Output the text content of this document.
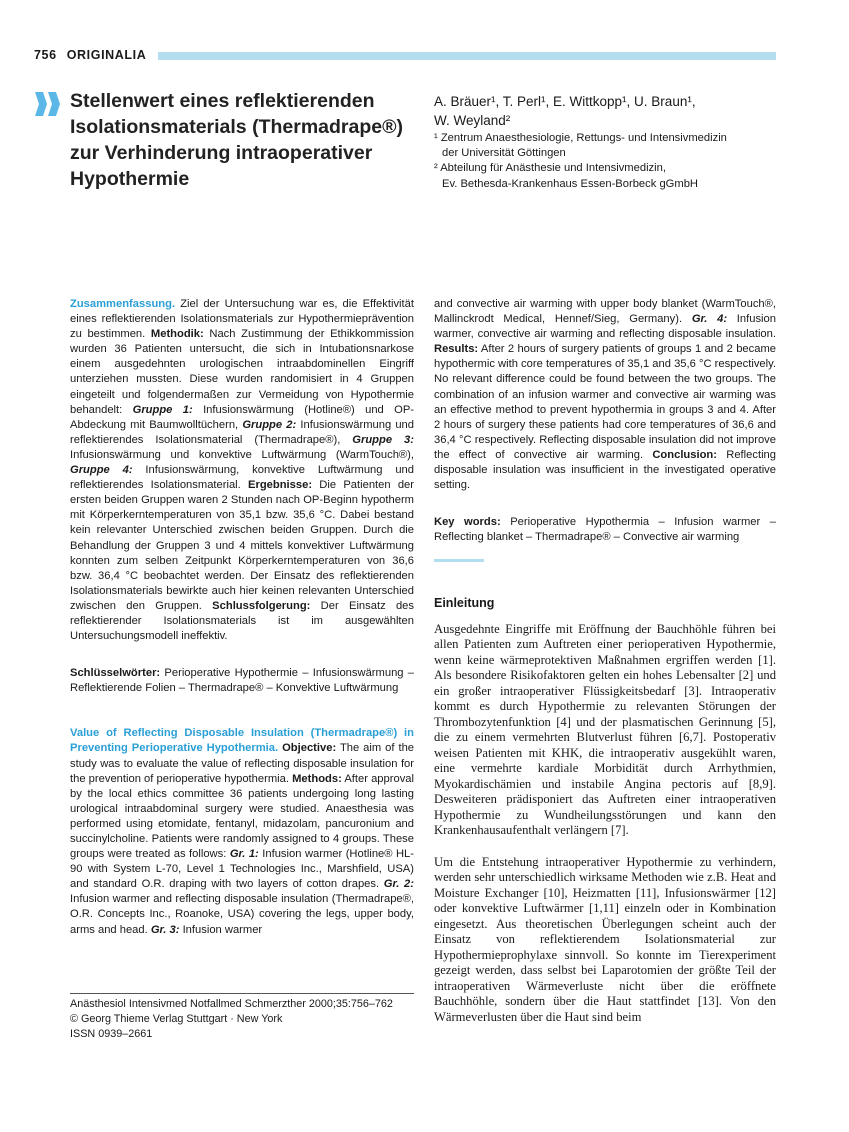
756 ORIGINALIA
Stellenwert eines reflektierenden Isolationsmaterials (Thermadrape®) zur Verhinderung intraoperativer Hypothermie
A. Bräuer¹, T. Perl¹, E. Wittkopp¹, U. Braun¹,
W. Weyland²
¹ Zentrum Anaesthesiologie, Rettungs- und Intensivmedizin
der Universität Göttingen
² Abteilung für Anästhesie und Intensivmedizin,
Ev. Bethesda-Krankenhaus Essen-Borbeck gGmbH

Zusammenfassung. Ziel der Untersuchung war es, die Effektivität eines reflektierenden Isolationsmaterials zur Hypothermieprävention zu bestimmen. Methodik: Nach Zustimmung der Ethikkommission wurden 36 Patienten untersucht, die sich in Intubationsnarkose einem ausgedehnten urologischen intraabdominellen Eingriff unterziehen mussten. Diese wurden randomisiert in 4 Gruppen eingeteilt und folgendermaßen zur Vermeidung von Hypothermie behandelt: Gruppe 1: Infusionswärmung (Hotline®) und OP-Abdeckung mit Baumwolltüchern, Gruppe 2: Infusionswärmung und reflektierendes Isolationsmaterial (Thermadrape®), Gruppe 3: Infusionswärmung und konvektive Luftwärmung (WarmTouch®), Gruppe 4: Infusionswärmung, konvektive Luftwärmung und reflektierendes Isolationsmaterial. Ergebnisse: Die Patienten der ersten beiden Gruppen waren 2 Stunden nach OP-Beginn hypotherm mit Körperkerntemperaturen von 35,1 bzw. 35,6 °C. Dabei bestand kein relevanter Unterschied zwischen beiden Gruppen. Durch die Behandlung der Gruppen 3 und 4 mittels konvektiver Luftwärmung konnten zum selben Zeitpunkt Körperkerntemperaturen von 36,6 bzw. 36,4 °C beobachtet werden. Der Einsatz des reflektierenden Isolationsmaterials bewirkte auch hier keinen relevanten Unterschied zwischen den Gruppen. Schlussfolgerung: Der Einsatz des reflektierender Isolationsmaterials ist im ausgewählten Untersuchungsmodell ineffektiv.

Schlüsselwörter: Perioperative Hypothermie – Infusionswärmung – Reflektierende Folien – Thermadrape® – Konvektive Luftwärmung

Value of Reflecting Disposable Insulation (Thermadrape®) in Preventing Perioperative Hypothermia. Objective: The aim of the study was to evaluate the value of reflecting disposable insulation for the prevention of perioperative hypothermia. Methods: After approval by the local ethics committee 36 patients undergoing long lasting urological intraabdominal surgery were studied. Anaesthesia was performed using etomidate, fentanyl, midazolam, pancuronium and succinylcholine. Patients were randomly assigned to 4 groups. These groups were treated as follows: Gr. 1: Infusion warmer (Hotline® HL-90 with System L-70, Level 1 Technologies Inc., Marshfield, USA) and standard O.R. draping with two layers of cotton drapes. Gr. 2: Infusion warmer and reflecting disposable insulation (Thermadrape®, O.R. Concepts Inc., Roanoke, USA) covering the legs, upper body, arms and head. Gr. 3: Infusion warmer

and convective air warming with upper body blanket (WarmTouch®, Mallinckrodt Medical, Hennef/Sieg, Germany). Gr. 4: Infusion warmer, convective air warming and reflecting disposable insulation. Results: After 2 hours of surgery patients of groups 1 and 2 became hypothermic with core temperatures of 35,1 and 35,6 °C respectively. No relevant difference could be found between the two groups. The combination of an infusion warmer and convective air warming was an effective method to prevent hypothermia in groups 3 and 4. After 2 hours of surgery these patients had core temperatures of 36,6 and 36,4 °C respectively. Reflecting disposable insulation did not improve the effect of convective air warming. Conclusion: Reflecting disposable insulation was insufficient in the investigated operative setting.

Key words: Perioperative Hypothermia – Infusion warmer – Reflecting blanket – Thermadrape® – Convective air warming

Einleitung

Ausgedehnte Eingriffe mit Eröffnung der Bauchhöhle führen bei allen Patienten zum Auftreten einer perioperativen Hypothermie, wenn keine wärmeprotektiven Maßnahmen ergriffen werden [1]. Als besondere Risikofaktoren gelten ein hohes Lebensalter [2] und ein großer intraoperativer Flüssigkeitsbedarf [3]. Intraoperativ kommt es durch Hypothermie zu relevanten Störungen der Thrombozytenfunktion [4] und der plasmatischen Gerinnung [5], die zu einem vermehrten Blutverlust führen [6,7]. Postoperativ weisen Patienten mit KHK, die intraoperativ ausgekühlt waren, eine vermehrte kardiale Morbidität durch Arrhythmien, Myokardischämien und instabile Angina pectoris auf [8,9]. Desweiteren prädisponiert das Auftreten einer intraoperativen Hypothermie zu Wundheilungsstörungen und kann den Krankenhausaufenthalt verlängern [7].

Um die Entstehung intraoperativer Hypothermie zu verhindern, werden sehr unterschiedlich wirksame Methoden wie z.B. Heat and Moisture Exchanger [10], Heizmatten [11], Infusionswärmer [12] oder konvektive Luftwärmer [1,11] einzeln oder in Kombination eingesetzt. Aus theoretischen Überlegungen scheint auch der Einsatz von reflektierendem Isolationsmaterial zur Hypothermieprophylaxe sinnvoll. So konnte im Tierexperiment gezeigt werden, dass selbst bei Laparotomien der größte Teil der intraoperativen Wärmeverluste nicht über die eröffnete Bauchhöhle, sondern über die Haut stattfindet [13]. Von den Wärmeverlusten über die Haut sind beim

Anästhesiol Intensivmed Notfallmed Schmerzther 2000;35:756–762
© Georg Thieme Verlag Stuttgart · New York
ISSN 0939–2661
